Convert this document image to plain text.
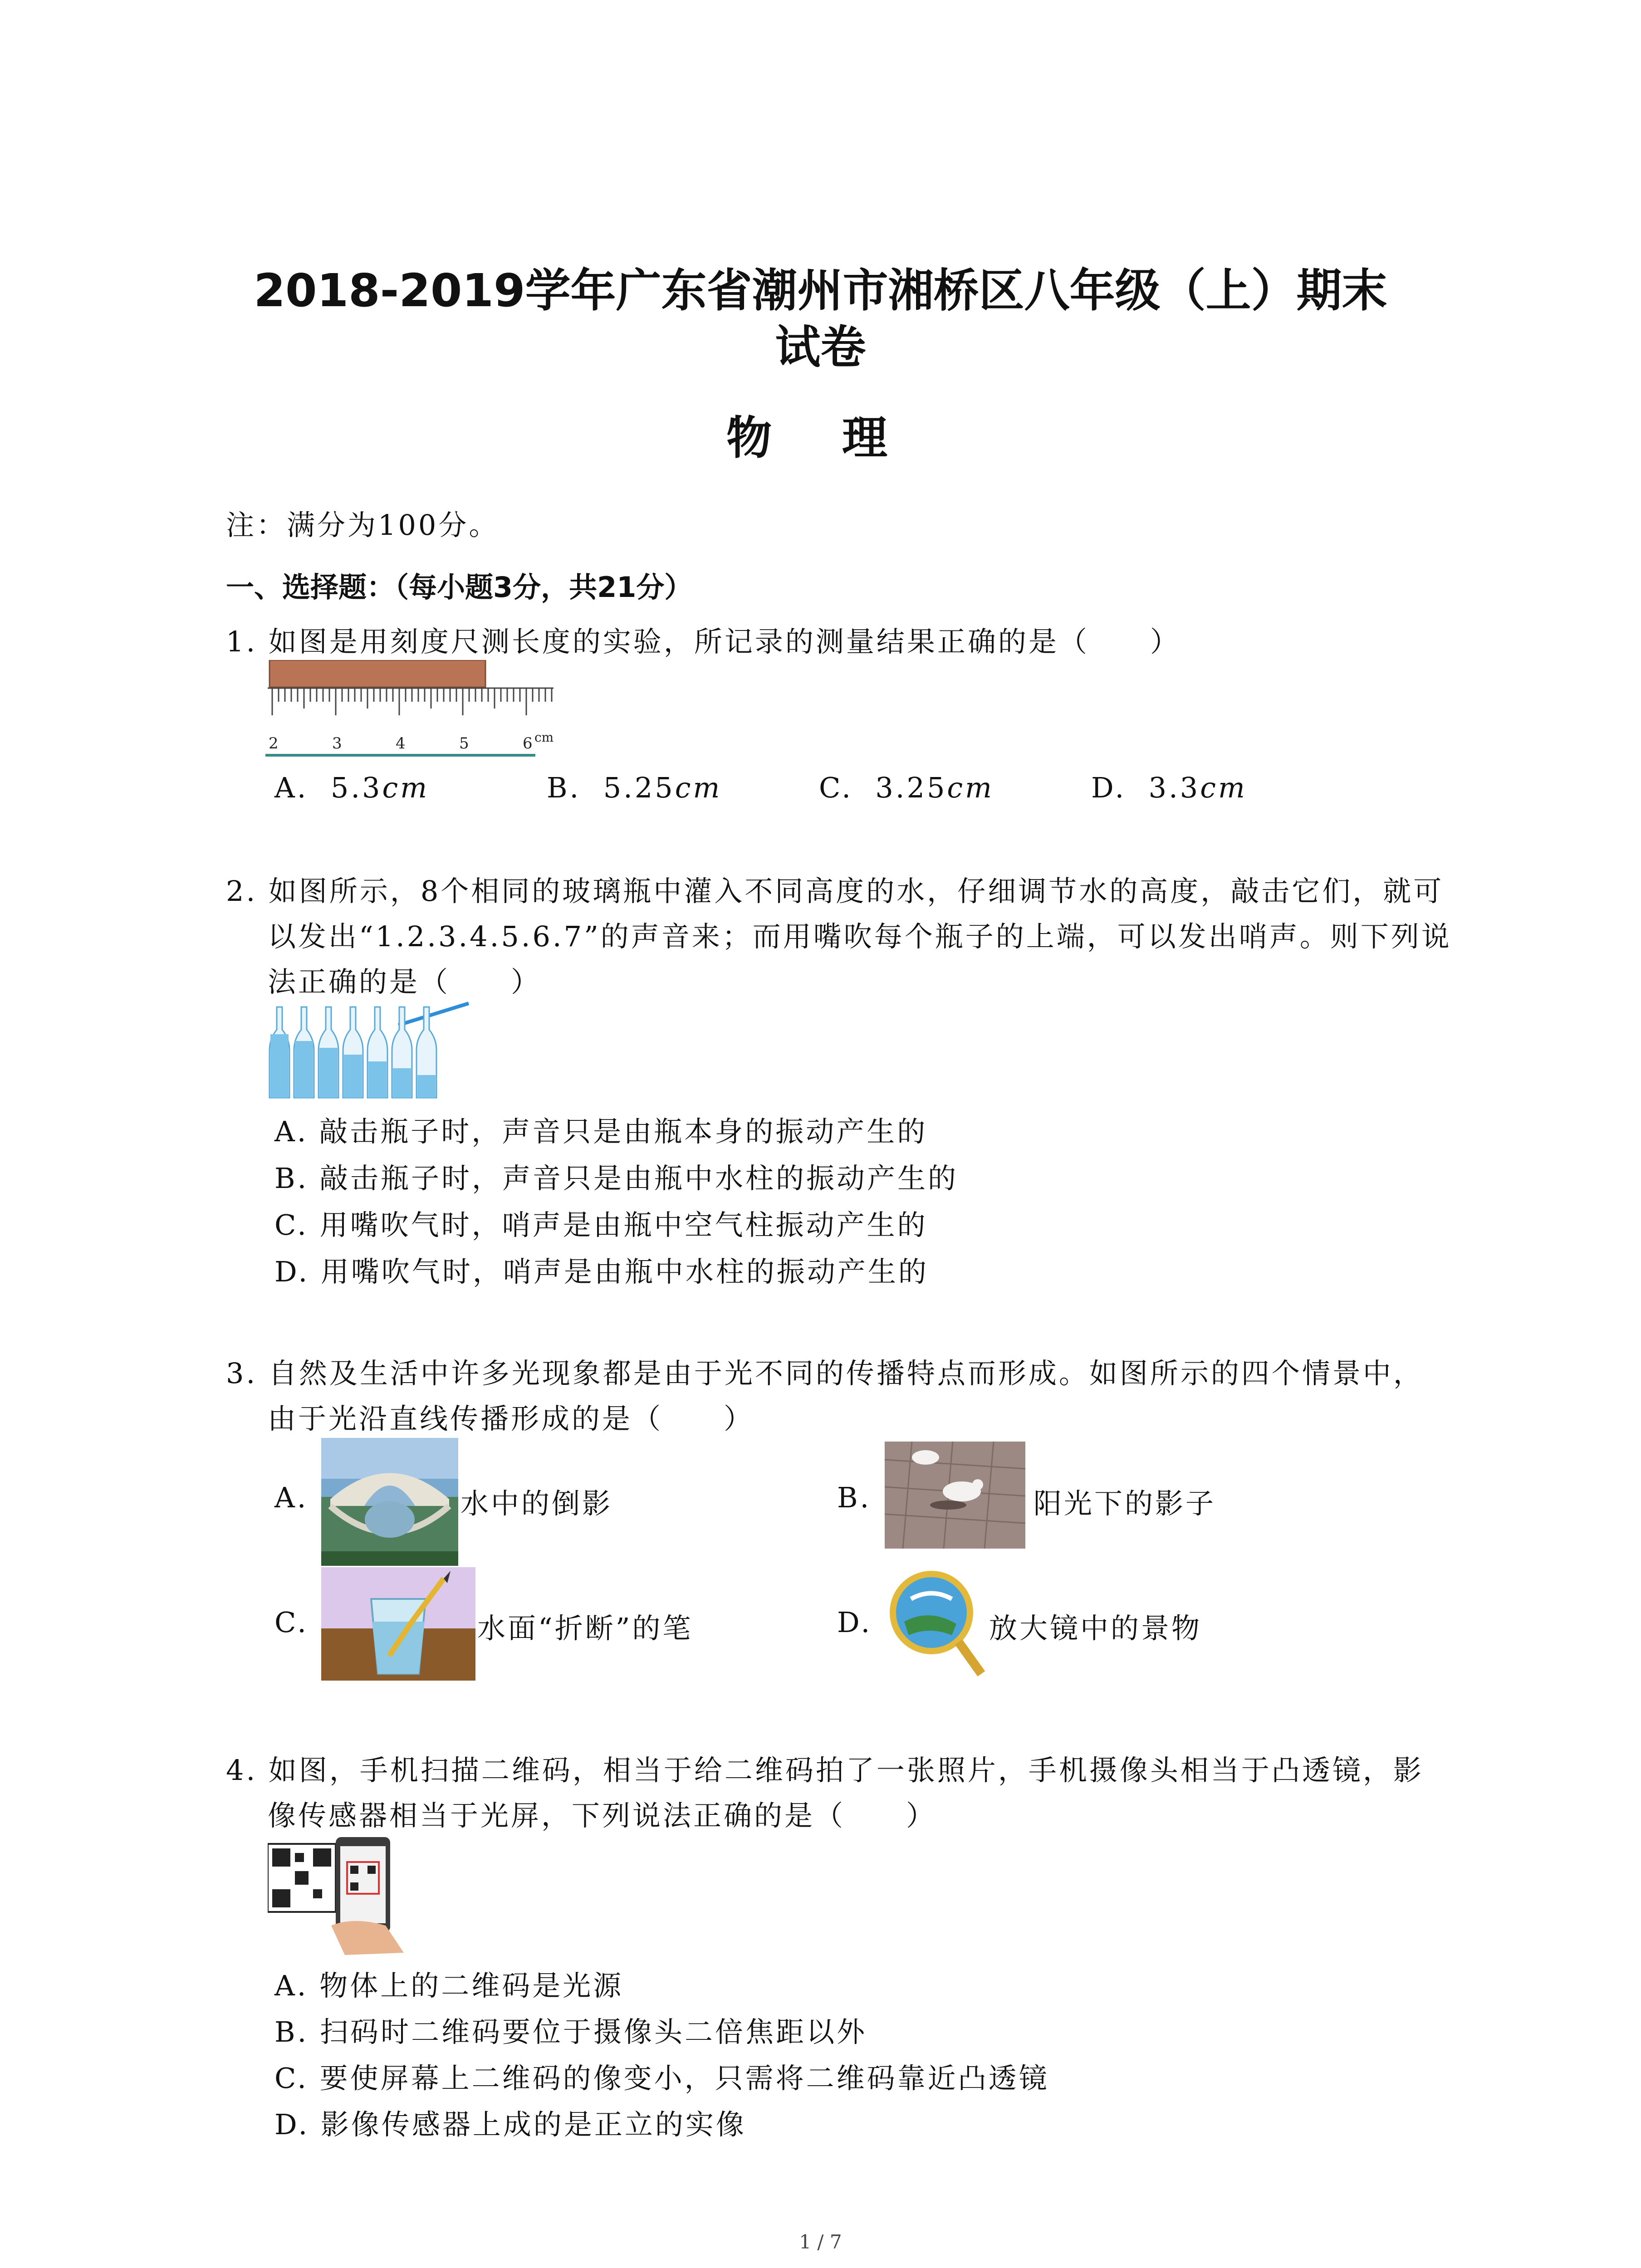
2018-2019学年广东省潮州市湘桥区八年级（上）期末
试卷
物 理
注：满分为100分。
一、选择题：（每小题3分，共21分）
1. 如图是用刻度尺测长度的实验，所记录的测量结果正确的是（　　）
2	3	4	5	6 cm
A. 5.3cm	B. 5.25cm	C. 3.25cm	D. 3.3cm
2. 如图所示，8个相同的玻璃瓶中灌入不同高度的水，仔细调节水的高度，敲击它们，就可
以发出“1.2.3.4.5.6.7”的声音来；而用嘴吹每个瓶子的上端，可以发出哨声。则下列说
法正确的是（　　）
A. 敲击瓶子时，声音只是由瓶本身的振动产生的
B. 敲击瓶子时，声音只是由瓶中水柱的振动产生的
C. 用嘴吹气时，哨声是由瓶中空气柱振动产生的
D. 用嘴吹气时，哨声是由瓶中水柱的振动产生的
3. 自然及生活中许多光现象都是由于光不同的传播特点而形成。如图所示的四个情景中，
由于光沿直线传播形成的是（　　）
A.	水中的倒影	B.	阳光下的影子
C.	水面“折断”的笔	D.	放大镜中的景物
4. 如图，手机扫描二维码，相当于给二维码拍了一张照片，手机摄像头相当于凸透镜，影
像传感器相当于光屏，下列说法正确的是（　　）
A. 物体上的二维码是光源
B. 扫码时二维码要位于摄像头二倍焦距以外
C. 要使屏幕上二维码的像变小，只需将二维码靠近凸透镜
D. 影像传感器上成的是正立的实像
1 / 7
